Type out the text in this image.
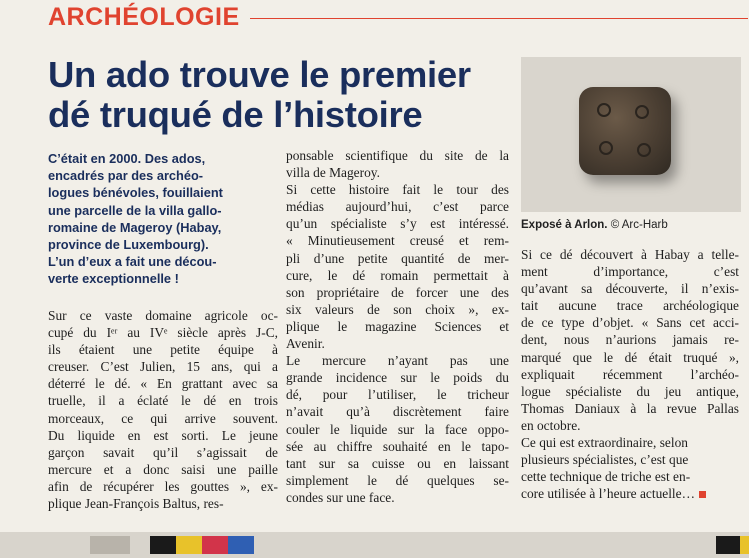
ARCHÉOLOGIE
Un ado trouve le premier
dé truqué de l’histoire
C’était en 2000. Des ados,
encadrés par des archéo-
logues bénévoles, fouillaient
une parcelle de la villa gallo-
romaine de Mageroy (Habay,
province de Luxembourg).
L’un d’eux a fait une décou-
verte exceptionnelle !
Sur ce vaste domaine agricole oc-
cupé du Iᵉʳ au IVᵉ siècle après J-C,
ils étaient une petite équipe à
creuser. C’est Julien, 15 ans, qui a
déterré le dé. « En grattant avec sa
truelle, il a éclaté le dé en trois
morceaux, ce qui arrive souvent.
Du liquide en est sorti. Le jeune
garçon savait qu’il s’agissait de
mercure et a donc saisi une paille
afin de récupérer les gouttes », ex-
plique Jean-François Baltus, res-
ponsable scientifique du site de la
villa de Mageroy.
Si cette histoire fait le tour des
médias aujourd’hui, c’est parce
qu’un spécialiste s’y est intéressé.
« Minutieusement creusé et rem-
pli d’une petite quantité de mer-
cure, le dé romain permettait à
son propriétaire de forcer une des
six valeurs de son choix », ex-
plique le magazine Sciences et
Avenir.
Le mercure n’ayant pas une
grande incidence sur le poids du
dé, pour l’utiliser, le tricheur
n’avait qu’à discrètement faire
couler le liquide sur la face oppo-
sée au chiffre souhaité en le tapo-
tant sur sa cuisse ou en laissant
simplement le dé quelques se-
condes sur une face.
Exposé à Arlon. © Arc-Harb
Si ce dé découvert à Habay a telle-
ment d’importance, c’est
qu’avant sa découverte, il n’exis-
tait aucune trace archéologique
de ce type d’objet. « Sans cet acci-
dent, nous n’aurions jamais re-
marqué que le dé était truqué »,
expliquait récemment l’archéo-
logue spécialiste du jeu antique,
Thomas Daniaux à la revue Pallas
en octobre.
Ce qui est extraordinaire, selon
plusieurs spécialistes, c’est que
cette technique de triche est en-
core utilisée à l’heure actuelle…
